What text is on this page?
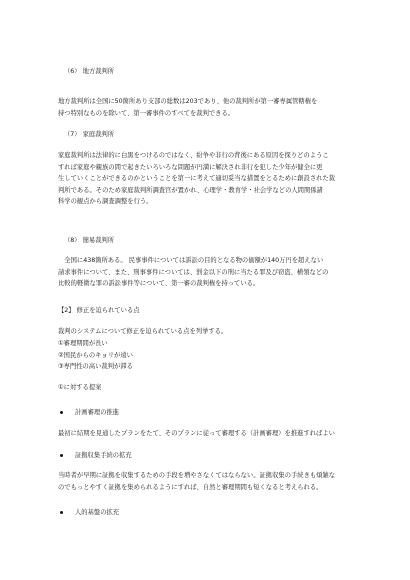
（6） 地方裁判所
地方裁判所は全国に50箇所あり支部の総数は203であり、他の裁判所が第一審専属管轄権を
持つ特別なものを除いて、第一審事件のすべてを裁判できる。
（7） 家庭裁判所
家庭裁判所は法律的に白黒をつけるのではなく、紛争や非行の背後にある原因を探りどのようこ
すれば家庭や親族の間で起きたいろいろな問題が円満に解決され非行を犯した少年が健全に更
生していくことができるのかということを第一に考えて適切妥当な措置をとるために創設された裁
判所である。そのため家庭裁判所調査官が置かれ、心理学・教育学・社会学などの人間関係諸
科学の観点から調査調整を行う。
（8） 簡易裁判所
　全国に438箇所ある。 民事事件については訴訟の目的となる物の価額が140万円を超えない
請求事件について、また、刑事事件については、罰金以下の刑に当たる罪及び窃盗、横領などの
比較的軽微な罪の訴訟事件等について、第一審の裁判権を持っている。
【2】 修正を迫られている点
裁判のシステムについて修正を迫られている点を列挙する。
①審理期間が長い
②国民からのキョリが遠い
③専門性の高い裁判が滞る
①に対する提案
計画審理の推進
最初に結期を見通したプランをたて、そのプランに従って審理する（計画審理）を推進すればよい
証拠収集手続の拡充
当時者が早期に証拠を収集するための手段を増やさなくてはならない。証拠収集の手続きも煩雑な
のでもっとやすく証拠を集められるようにすれば、自然と審理期間も短くなると考えられる。
人的基盤の拡充
